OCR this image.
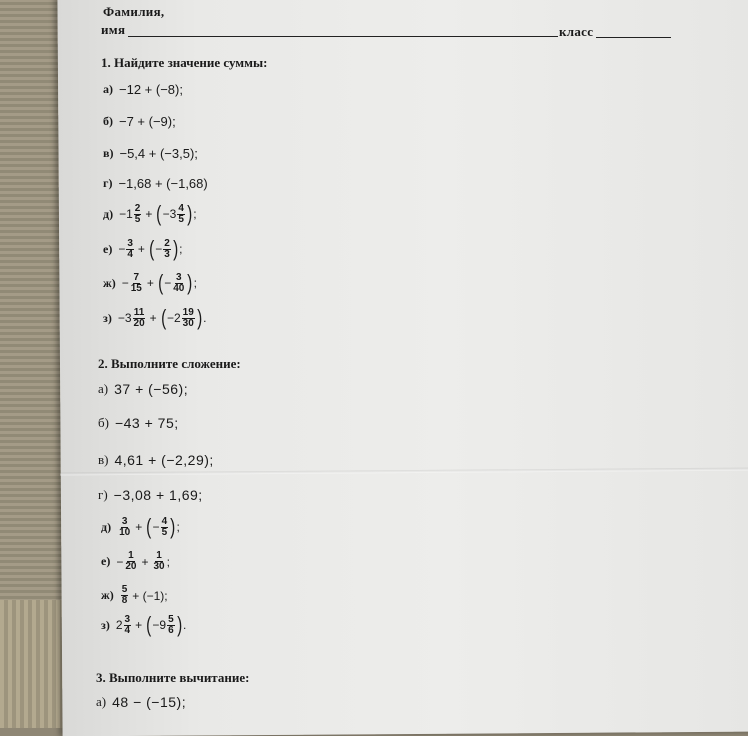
Фамилия,
имя	класс
1. Найдите значение суммы:
а) −12 + (−8);
б) −7 + (−9);
в) −5,4 + (−3,5);
г) −1,68 + (−1,68)
$д) -1 \frac{2}{5}$ + ( $-3 \frac{4}{5}$ ) ;
$е) - \frac{3}{4}$ + ( − $\frac{2}{3}$ ) ;
$ж) - \frac{7}{15}$ + ( − $\frac{3}{40}$ ) ;
$з) -3 \frac{11}{20}$ + ( $-2 \frac{19}{30}$ ) .
2. Выполните сложение:
а) 37 + (−56);
б) −43 + 75;
в) 4,61 + (−2,29);
г) −3,08 + 1,69;
$д) \frac{3}{10}$ + ( − $\frac{4}{5}$ ) ;
$е) - \frac{1}{20} + \frac{1}{30}$ ;
$ж) \frac{5}{8} + (-1)$;
з) $2 \frac{3}{4}$ + ( $-9 \frac{5}{6}$ ) .
3. Выполните вычитание:
а) 48 − (−15);
